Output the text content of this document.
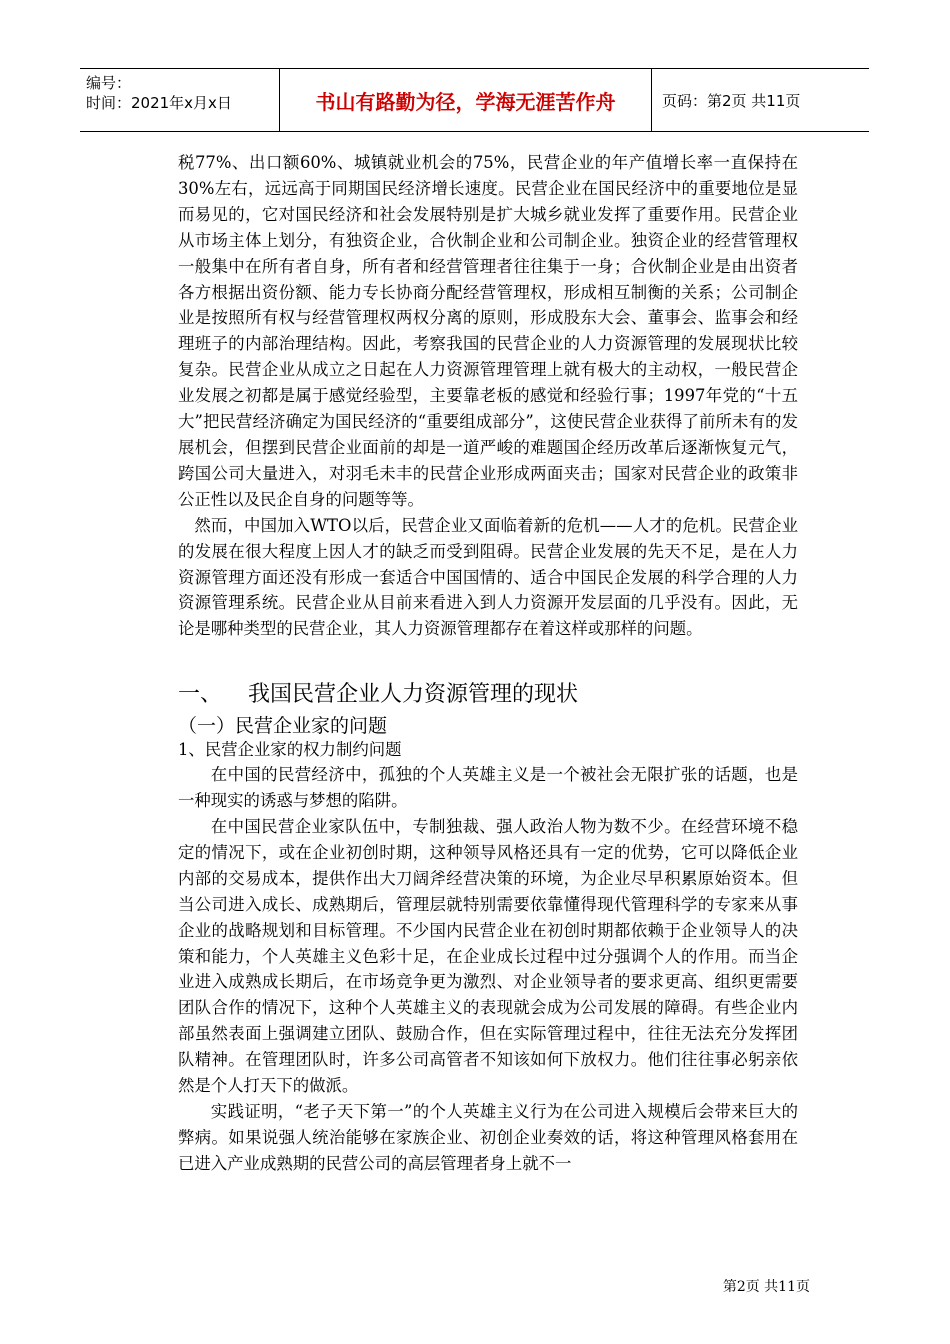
编号：
时间：2021年x月x日	书山有路勤为径，学海无涯苦作舟	页码：第2页 共11页

税77%、出口额60%、城镇就业机会的75%，民营企业的年产值增长率一直保持在30%左右，远远高于同期国民经济增长速度。民营企业在国民经济中的重要地位是显而易见的，它对国民经济和社会发展特别是扩大城乡就业发挥了重要作用。民营企业从市场主体上划分，有独资企业，合伙制企业和公司制企业。独资企业的经营管理权一般集中在所有者自身，所有者和经营管理者往往集于一身；合伙制企业是由出资者各方根据出资份额、能力专长协商分配经营管理权，形成相互制衡的关系；公司制企业是按照所有权与经营管理权两权分离的原则，形成股东大会、董事会、监事会和经理班子的内部治理结构。因此，考察我国的民营企业的人力资源管理的发展现状比较复杂。民营企业从成立之日起在人力资源管理管理上就有极大的主动权，一般民营企业发展之初都是属于感觉经验型，主要靠老板的感觉和经验行事；1997年党的“十五大”把民营经济确定为国民经济的“重要组成部分”，这使民营企业获得了前所未有的发展机会，但摆到民营企业面前的却是一道严峻的难题国企经历改革后逐渐恢复元气，跨国公司大量进入，对羽毛未丰的民营企业形成两面夹击；国家对民营企业的政策非公正性以及民企自身的问题等等。

然而，中国加入WTO以后，民营企业又面临着新的危机——人才的危机。民营企业的发展在很大程度上因人才的缺乏而受到阻碍。民营企业发展的先天不足，是在人力资源管理方面还没有形成一套适合中国国情的、适合中国民企发展的科学合理的人力资源管理系统。民营企业从目前来看进入到人力资源开发层面的几乎没有。因此，无论是哪种类型的民营企业，其人力资源管理都存在着这样或那样的问题。

一、 我国民营企业人力资源管理的现状
（一）民营企业家的问题

1、民营企业家的权力制约问题

在中国的民营经济中，孤独的个人英雄主义是一个被社会无限扩张的话题，也是一种现实的诱惑与梦想的陷阱。

在中国民营企业家队伍中，专制独裁、强人政治人物为数不少。在经营环境不稳定的情况下，或在企业初创时期，这种领导风格还具有一定的优势，它可以降低企业内部的交易成本，提供作出大刀阔斧经营决策的环境，为企业尽早积累原始资本。但当公司进入成长、成熟期后，管理层就特别需要依靠懂得现代管理科学的专家来从事企业的战略规划和目标管理。不少国内民营企业在初创时期都依赖于企业领导人的决策和能力，个人英雄主义色彩十足，在企业成长过程中过分强调个人的作用。而当企业进入成熟成长期后，在市场竞争更为激烈、对企业领导者的要求更高、组织更需要团队合作的情况下，这种个人英雄主义的表现就会成为公司发展的障碍。有些企业内部虽然表面上强调建立团队、鼓励合作，但在实际管理过程中，往往无法充分发挥团队精神。在管理团队时，许多公司高管者不知该如何下放权力。他们往往事必躬亲依然是个人打天下的做派。

实践证明，“老子天下第一”的个人英雄主义行为在公司进入规模后会带来巨大的弊病。如果说强人统治能够在家族企业、初创企业奏效的话，将这种管理风格套用在已进入产业成熟期的民营公司的高层管理者身上就不一

第2页 共11页
